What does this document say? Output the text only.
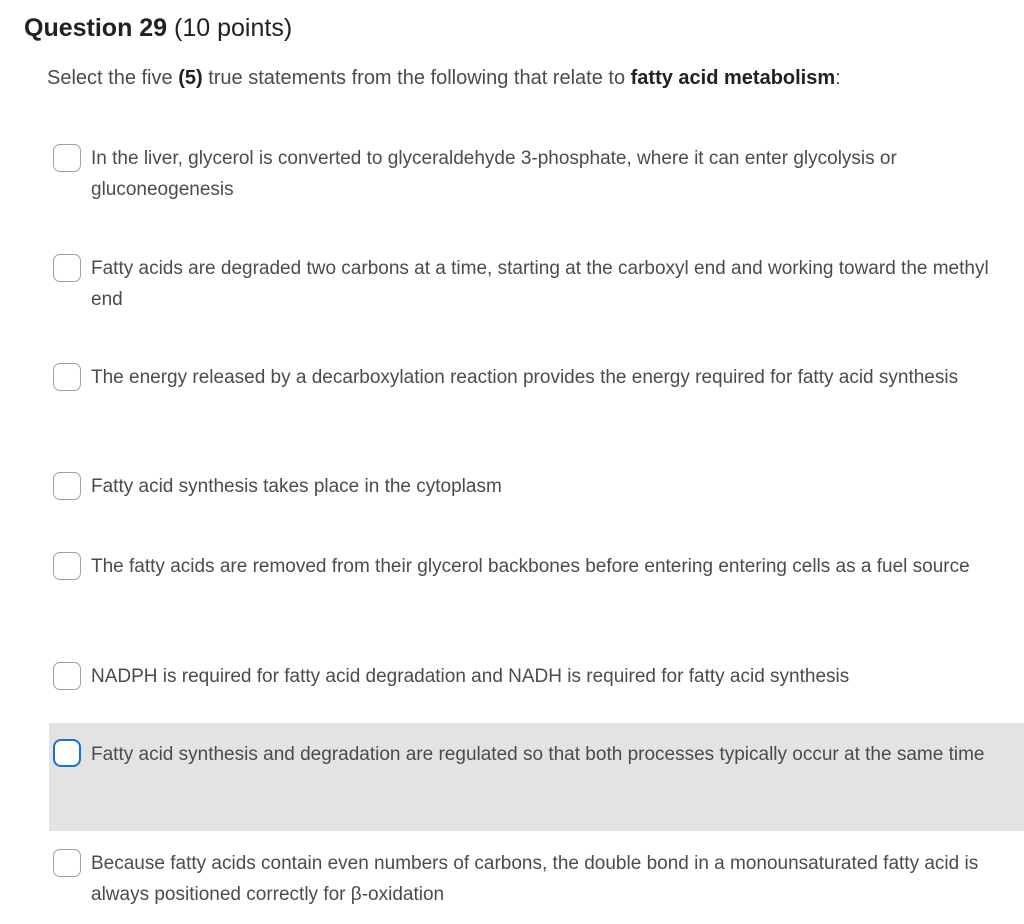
Question 29 (10 points)
Select the five (5) true statements from the following that relate to fatty acid metabolism:
In the liver, glycerol is converted to glyceraldehyde 3-phosphate, where it can enter glycolysis or gluconeogenesis
Fatty acids are degraded two carbons at a time, starting at the carboxyl end and working toward the methyl end
The energy released by a decarboxylation reaction provides the energy required for fatty acid synthesis
Fatty acid synthesis takes place in the cytoplasm
The fatty acids are removed from their glycerol backbones before entering entering cells as a fuel source
NADPH is required for fatty acid degradation and NADH is required for fatty acid synthesis
Fatty acid synthesis and degradation are regulated so that both processes typically occur at the same time
Because fatty acids contain even numbers of carbons, the double bond in a monounsaturated fatty acid is always positioned correctly for β-oxidation
